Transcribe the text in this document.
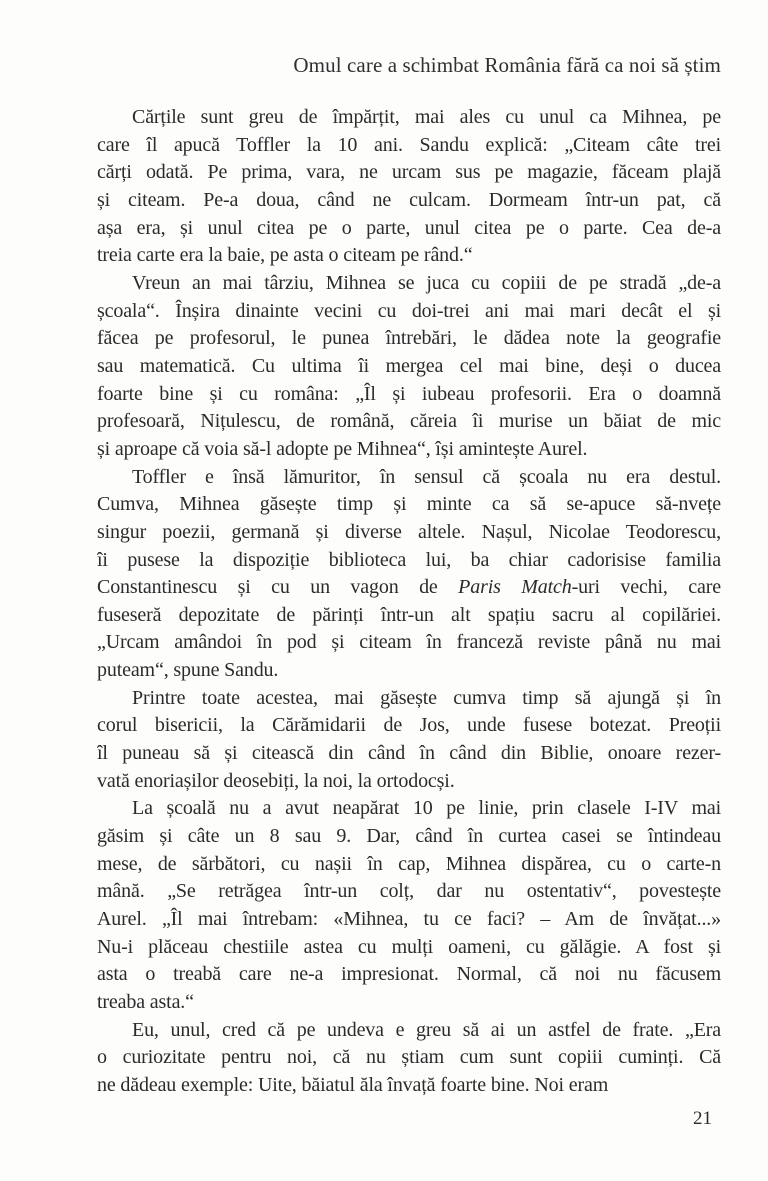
Omul care a schimbat România fără ca noi să știm
Cărțile sunt greu de împărțit, mai ales cu unul ca Mihnea, pe
care îl apucă Toffler la 10 ani. Sandu explică: „Citeam câte trei
cărți odată. Pe prima, vara, ne urcam sus pe magazie, făceam plajă
și citeam. Pe-a doua, când ne culcam. Dormeam într-un pat, că
așa era, și unul citea pe o parte, unul citea pe o parte. Cea de-a
treia carte era la baie, pe asta o citeam pe rând.“
Vreun an mai târziu, Mihnea se juca cu copiii de pe stradă „de-a
școala“. Înșira dinainte vecini cu doi-trei ani mai mari decât el și
făcea pe profesorul, le punea întrebări, le dădea note la geografie
sau matematică. Cu ultima îi mergea cel mai bine, deși o ducea
foarte bine și cu româna: „Îl și iubeau profesorii. Era o doamnă
profesoară, Nițulescu, de română, căreia îi murise un băiat de mic
și aproape că voia să-l adopte pe Mihnea“, își amintește Aurel.
Toffler e însă lămuritor, în sensul că școala nu era destul.
Cumva, Mihnea găsește timp și minte ca să se-apuce să-nvețe
singur poezii, germană și diverse altele. Nașul, Nicolae Teodorescu,
îi pusese la dispoziție biblioteca lui, ba chiar cadorisise familia
Constantinescu și cu un vagon de Paris Match-uri vechi, care
fuseseră depozitate de părinți într-un alt spațiu sacru al copilăriei.
„Urcam amândoi în pod și citeam în franceză reviste până nu mai
puteam“, spune Sandu.
Printre toate acestea, mai găsește cumva timp să ajungă și în
corul bisericii, la Cărămidarii de Jos, unde fusese botezat. Preoții
îl puneau să și citească din când în când din Biblie, onoare rezer-
vată enoriașilor deosebiți, la noi, la ortodocși.
La școală nu a avut neapărat 10 pe linie, prin clasele I-IV mai
găsim și câte un 8 sau 9. Dar, când în curtea casei se întindeau
mese, de sărbători, cu nașii în cap, Mihnea dispărea, cu o carte-n
mână. „Se retrăgea într-un colț, dar nu ostentativ“, povestește
Aurel. „Îl mai întrebam: «Mihnea, tu ce faci? – Am de învățat...»
Nu-i plăceau chestiile astea cu mulți oameni, cu gălăgie. A fost și
asta o treabă care ne-a impresionat. Normal, că noi nu făcusem
treaba asta.“
Eu, unul, cred că pe undeva e greu să ai un astfel de frate. „Era
o curiozitate pentru noi, că nu știam cum sunt copiii cuminți. Că
ne dădeau exemple: Uite, băiatul ăla învață foarte bine. Noi eram
21
